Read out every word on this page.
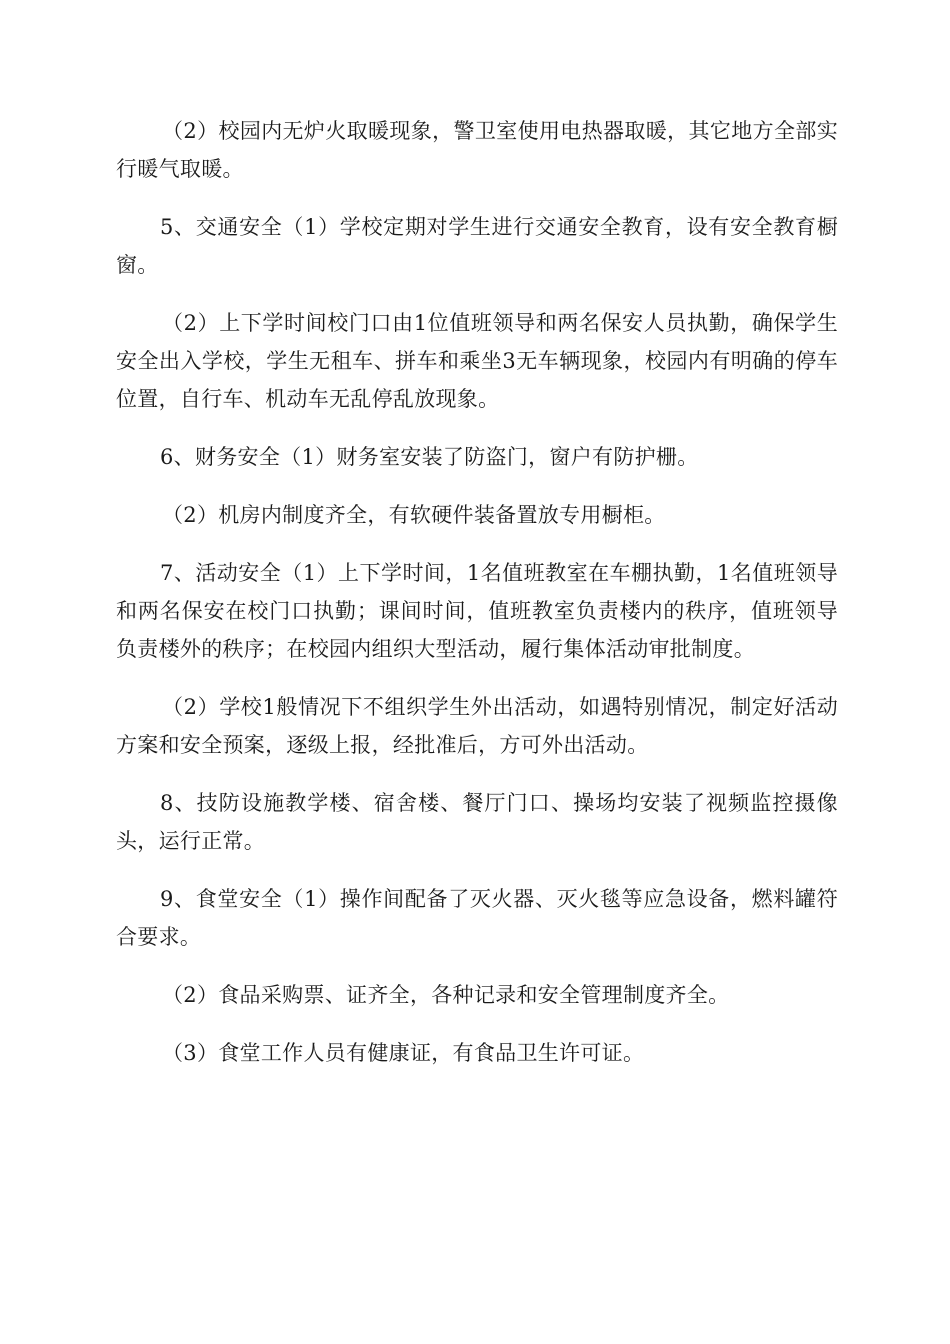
（2）校园内无炉火取暖现象，警卫室使用电热器取暖，其它地方全部实行暖气取暖。

5、交通安全（1）学校定期对学生进行交通安全教育，设有安全教育橱窗。

（2）上下学时间校门口由1位值班领导和两名保安人员执勤，确保学生安全出入学校，学生无租车、拼车和乘坐3无车辆现象，校园内有明确的停车位置，自行车、机动车无乱停乱放现象。

6、财务安全（1）财务室安装了防盗门，窗户有防护栅。

（2）机房内制度齐全，有软硬件装备置放专用橱柜。

7、活动安全（1）上下学时间，1名值班教室在车棚执勤，1名值班领导和两名保安在校门口执勤；课间时间，值班教室负责楼内的秩序，值班领导负责楼外的秩序；在校园内组织大型活动，履行集体活动审批制度。

（2）学校1般情况下不组织学生外出活动，如遇特别情况，制定好活动方案和安全预案，逐级上报，经批准后，方可外出活动。

8、技防设施教学楼、宿舍楼、餐厅门口、操场均安装了视频监控摄像头，运行正常。

9、食堂安全（1）操作间配备了灭火器、灭火毯等应急设备，燃料罐符合要求。

（2）食品采购票、证齐全，各种记录和安全管理制度齐全。

（3）食堂工作人员有健康证，有食品卫生许可证。
